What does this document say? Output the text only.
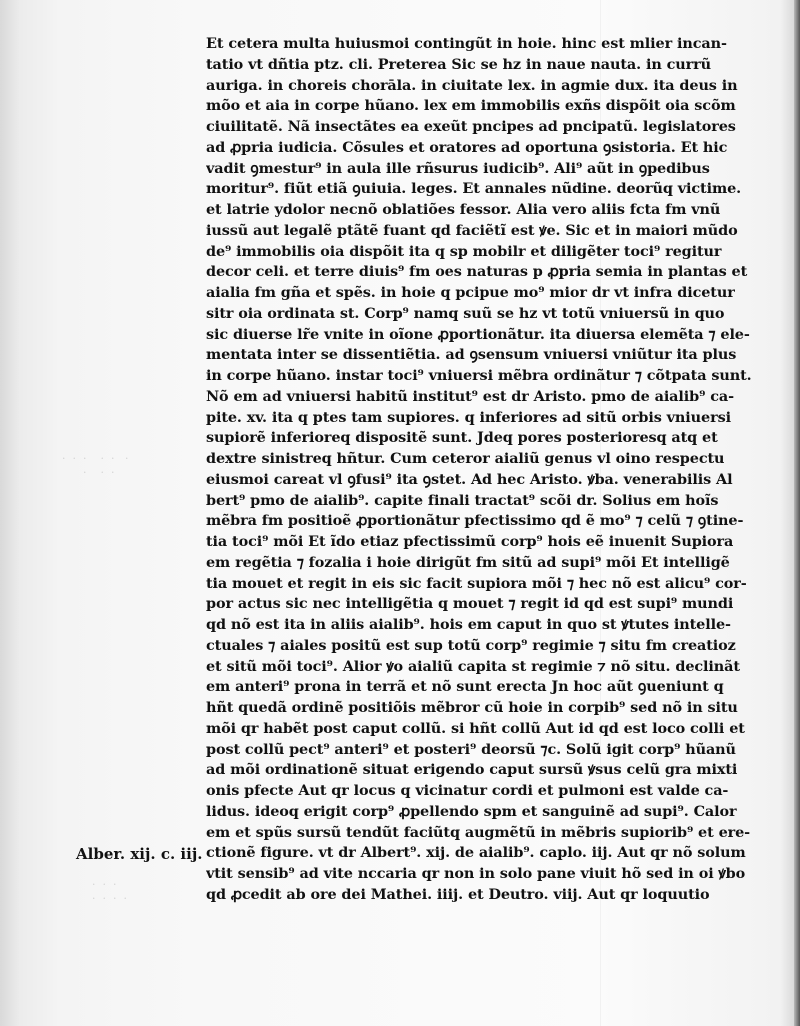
·  ·  ·    ·  ·   ·
·    ·  ·
·  ·  ·
·  ·  ·  ·
Et cetera multa huiusmoi contingũt in hoie. hinc est mlier incan-
tatio vt dñtia ptz. cli. Preterea Sic se hz in naue nauta. in currũ
auriga. in choreis chorāla. in ciuitate lex. in agmie dux. ita deus in
mõo et aia in corpe hũano. lex em immobilis exñs dispõit oia scõm
ciuilitatẽ. Nã insectãtes ea exeũt pncipes ad pncipatũ. legislatores
ad ꝓpria iudicia. Cõsules et oratores ad oportuna ꝯsistoria. Et hic
vadit ꝯmestur⁹ in aula ille rñsurus iudicib⁹. Ali⁹ aũt in ꝯpedibus
moritur⁹. fiũt etiã ꝯuiuia. leges. Et annales nũdine. deorũq victime.
et latrie ydolor necnõ oblatiões fessor. Alia vero aliis fcta fm vnũ
iussũ aut legalẽ ptãtẽ fuant qd faciẽtĩ est ꝟe. Sic et in maiori mũdo
de⁹ immobilis oia dispõit ita q sp mobilr et diligẽter toci⁹ regitur
decor celi. et terre diuis⁹ fm oes naturas p ꝓpria semia in plantas et
aialia fm gña et spẽs. in hoie q pcipue mo⁹ mior dr vt infra dicetur
sitr oia ordinata st. Corp⁹ namq suũ se hz vt totũ vniuersũ in quo
sic diuerse lr̃e vnite in oĩone ꝓportionãtur. ita diuersa elemẽta ⁊ ele-
mentata inter se dissentiẽtia. ad ꝯsensum vniuersi vniũtur ita plus
in corpe hũano. instar toci⁹ vniuersi mẽbra ordinãtur ⁊ cõtpata sunt.
Nõ em ad vniuersi habitũ institut⁹ est dr Aristo. pmo de aialib⁹ ca-
pite. xv. ita q ptes tam supiores. q inferiores ad sitũ orbis vniuersi
supiorẽ inferioreq dispositẽ sunt. Jdeq pores posterioresq atq et
dextre sinistreq hñtur. Cum ceteror aialiũ genus vl oino respectu
eiusmoi careat vl ꝯfusi⁹ ita ꝯstet. Ad hec Aristo. ꝟba. venerabilis Al
bert⁹ pmo de aialib⁹. capite finali tractat⁹ scõi dr. Solius em hoĩs
mẽbra fm positioẽ ꝓportionãtur pfectissimo qd ẽ mo⁹ ⁊ celũ ⁊ ꝯtine-
tia toci⁹ mõi Et ĩdo etiaz pfectissimũ corp⁹ hois eẽ inuenit Supiora
em regẽtia ⁊ fozalia i hoie dirigũt fm sitũ ad supi⁹ mõi Et intelligẽ
tia mouet et regit in eis sic facit supiora mõi ⁊ hec nõ est alicu⁹ cor-
por actus sic nec intelligẽtia q mouet ⁊ regit id qd est supi⁹ mundi
qd nõ est ita in aliis aialib⁹. hois em caput in quo st ꝟtutes intelle-
ctuales ⁊ aiales positũ est sup totũ corp⁹ regimie ⁊ situ fm creatioz
et sitũ mõi toci⁹. Alior ꝟo aialiũ capita st regimie ⁊ nõ situ. declinãt
em anteri⁹ prona in terrã et nõ sunt erecta Jn hoc aũt ꝯueniunt q
hñt quedã ordinẽ positiõis mẽbror cũ hoie in corpib⁹ sed nõ in situ
mõi qr habẽt post caput collũ. si hñt collũ Aut id qd est loco colli et
post collũ pect⁹ anteri⁹ et posteri⁹ deorsũ ⁊c. Solũ igit corp⁹ hũanũ
ad mõi ordinationẽ situat erigendo caput sursũ ꝟsus celũ gra mixti
onis pfecte Aut qr locus q vicinatur cordi et pulmoni est valde ca-
lidus. ideoq erigit corp⁹ ꝓpellendo spm et sanguinẽ ad supi⁹. Calor
em et spũs sursũ tendũt faciũtq augmẽtũ in mẽbris supiorib⁹ et ere-
ctionẽ figure. vt dr Albert⁹. xij. de aialib⁹. caplo. iij. Aut qr nõ solum
vtit sensib⁹ ad vite nccaria qr non in solo pane viuit hõ sed in oi ꝟbo
qd ꝓcedit ab ore dei Mathei. iiij. et Deutro. viij. Aut qr loquutio
Alber. xij. c. iij.
